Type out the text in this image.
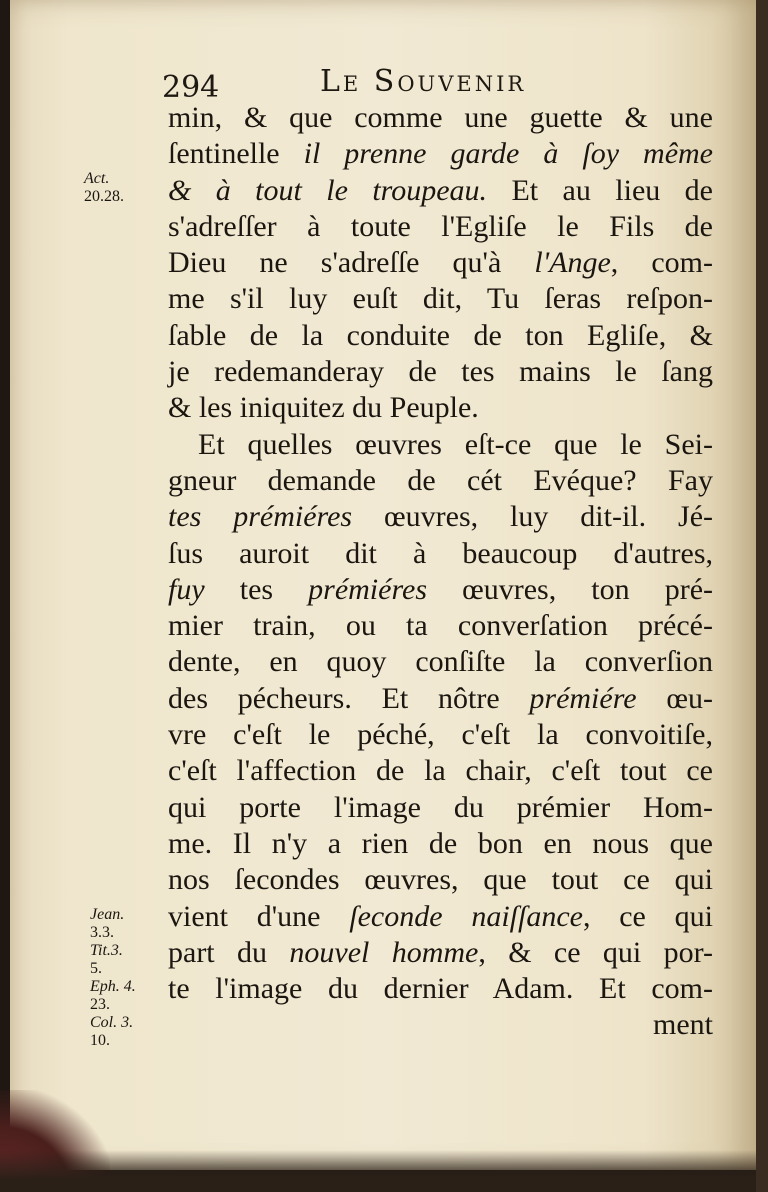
294	Le Souvenir
Act.
20.28.
Jean.
3.3.
Tit.3.
5.
Eph. 4.
23.
Col. 3.
10.
min, & que comme une guette & une
ſentinelle il prenne garde à ſoy même
& à tout le troupeau. Et au lieu de
s'adreſſer à toute l'Egliſe le Fils de
Dieu ne s'adreſſe qu'à l'Ange, com-
me s'il luy euſt dit, Tu ſeras reſpon-
ſable de la conduite de ton Egliſe, &
je redemanderay de tes mains le ſang
& les iniquitez du Peuple.
Et quelles œuvres eſt-ce que le Sei-
gneur demande de cét Evéque? Fay
tes prémiéres œuvres, luy dit-il. Jé-
ſus auroit dit à beaucoup d'autres,
fuy tes prémiéres œuvres, ton pré-
mier train, ou ta converſation précé-
dente, en quoy conſiſte la converſion
des pécheurs. Et nôtre prémiére œu-
vre c'eſt le péché, c'eſt la convoitiſe,
c'eſt l'affection de la chair, c'eſt tout ce
qui porte l'image du prémier Hom-
me. Il n'y a rien de bon en nous que
nos ſecondes œuvres, que tout ce qui
vient d'une ſeconde naiſſance, ce qui
part du nouvel homme, & ce qui por-
te l'image du dernier Adam. Et com-
ment
